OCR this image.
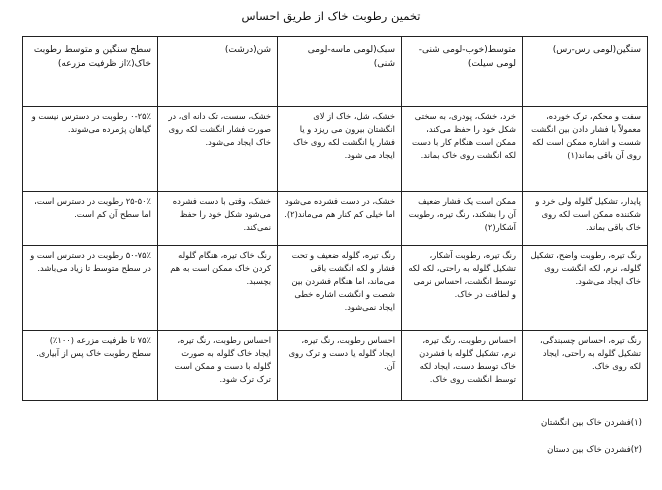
تخمین رطوبت خاک از طریق احساس
سنگین(لومی رس-رس)	متوسط(خوب-لومی شنی-لومی سیلت)	سبک(لومی ماسه-لومی شنی)	شن(درشت)	سطح سنگین و متوسط رطوبت خاک(٪از ظرفیت مزرعه)
سفت و محکم، ترک خورده، معمولاً با فشار دادن بین انگشت شست و اشاره ممکن است لکه روی آن باقی بماند(۱)	خرد، خشک، پودری، به سختی شکل خود را حفظ می‌کند، ممکن است هنگام کار با دست لکه انگشت روی خاک بماند.	خشک، شل، خاک از لای انگشتان بیرون می ریزد و یا فشار یا انگشت لکه روی خاک ایجاد می شود.	خشک، سست، تک دانه ای، در صورت فشار انگشت لکه روی خاک ایجاد می‌شود.	۰-۲۵٪ رطوبت در دسترس نیست و گیاهان پژمرده می‌شوند.
پایدار، تشکیل گلوله ولی خرد و شکننده ممکن است لکه روی خاک باقی بماند.	ممکن است یک فشار ضعیف آن را بشکند، رنگ تیره، رطوبت آشکار(۲)	خشک، در دست فشرده می‌شود اما خیلی کم کنار هم می‌ماند(۲).	خشک، وقتی با دست فشرده می‌شود شکل خود را حفظ نمی‌کند.	۲۵-۵۰٪ رطوبت در دسترس است، اما سطح آن کم است.
رنگ تیره، رطوبت واضح، تشکیل گلوله، نرم، لکه انگشت روی خاک ایجاد می‌شود.	رنگ تیره، رطوبت آشکار، تشکیل گلوله به راحتی، لکه لکه توسط انگشت، احساس نرمی و لطافت در خاک.	رنگ تیره، گلوله ضعیف و تحت فشار و لکه انگشت باقی می‌ماند، اما هنگام فشردن بین شصت و انگشت اشاره خطی ایجاد نمی‌شود.	رنگ خاک تیره، هنگام گلوله کردن خاک ممکن است به هم بچسبد.	۵۰-۷۵٪ رطوبت در دسترس است و در سطح متوسط تا زیاد می‌باشد.
رنگ تیره، احساس چسبندگی، تشکیل گلوله به راحتی، ایجاد لکه روی خاک.	احساس رطوبت، رنگ تیره، نرم، تشکیل گلوله با فشردن خاک توسط دست، ایجاد لکه توسط انگشت روی خاک.	احساس رطوبت، رنگ تیره، ایجاد گلوله یا دست و ترک روی آن.	احساس رطوبت، رنگ تیره، ایجاد خاک گلوله به صورت گلوله با دست و ممکن است ترک ترک شود.	۷۵٪ تا ظرفیت مزرعه (۱۰۰٪) سطح رطوبت خاک پس از آبیاری.

(۱)فشردن خاک بین انگشتان

(۲)فشردن خاک بین دستان
